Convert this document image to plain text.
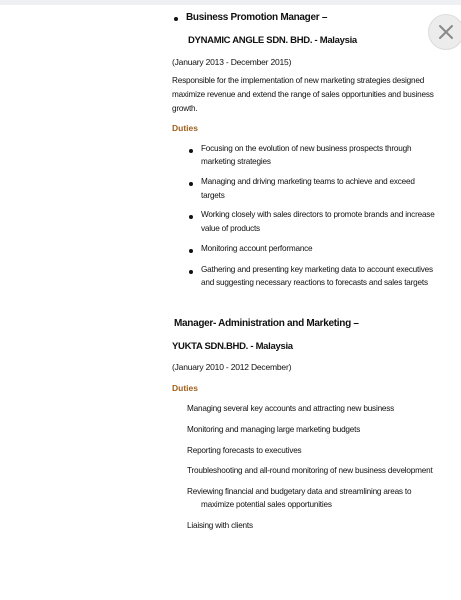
Business Promotion Manager –
DYNAMIC ANGLE SDN. BHD. - Malaysia
(January 2013 - December 2015)
Responsible for the implementation of new marketing strategies designed
maximize revenue and extend the range of sales opportunities and business
growth.
Duties
Focusing on the evolution of new business prospects through
marketing strategies
Managing and driving marketing teams to achieve and exceed
targets
Working closely with sales directors to promote brands and increase
value of products
Monitoring account performance
Gathering and presenting key marketing data to account executives
and suggesting necessary reactions to forecasts and sales targets
Manager- Administration and Marketing –
YUKTA SDN.BHD. - Malaysia
(January 2010 - 2012 December)
Duties
Managing several key accounts and attracting new business
Monitoring and managing large marketing budgets
Reporting forecasts to executives
Troubleshooting and all-round monitoring of new business development
Reviewing financial and budgetary data and streamlining areas to
maximize potential sales opportunities
Liaising with clients
